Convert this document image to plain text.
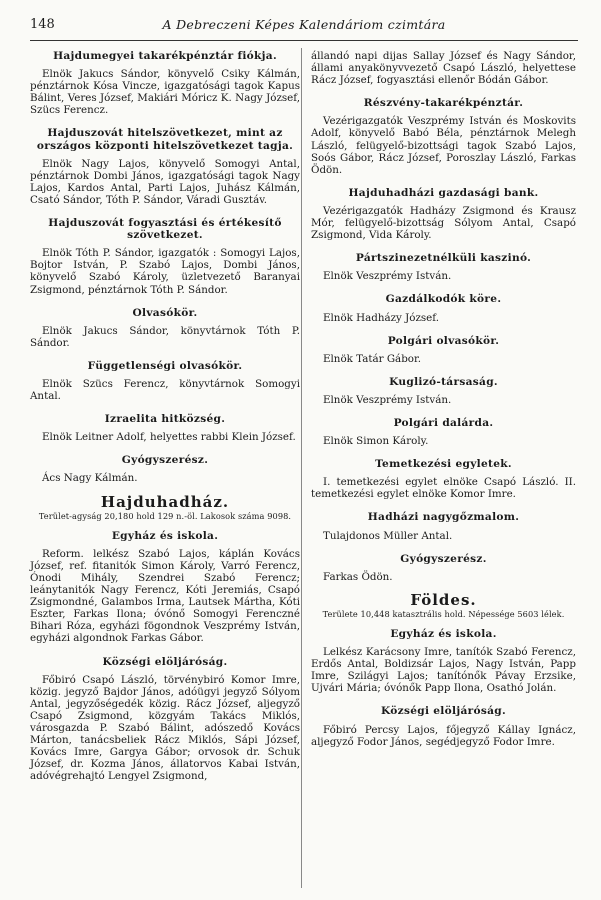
148	A Debreczeni Képes Kalendáriom czimtára
Hajdumegyei takarékpénztár fiókja.

Elnök Jakucs Sándor, könyvelő Csiky Kálmán, pénztárnok Kósa Vincze, igazgatósági tagok Kapus Bálint, Veres József, Makiári Móricz K. Nagy József, Szücs Ferencz.

Hajduszovát hitelszövetkezet, mint az országos központi hitelszövetkezet tagja.

Elnök Nagy Lajos, könyvelő Somogyi Antal, pénztárnok Dombi János, igazgatósági tagok Nagy Lajos, Kardos Antal, Parti Lajos, Juhász Kálmán, Csató Sándor, Tóth P. Sándor, Váradi Gusztáv.

Hajduszovát fogyasztási és értékesítő szövetkezet.

Elnök Tóth P. Sándor, igazgatók : Somogyi Lajos, Bojtor István, P. Szabó Lajos, Dombi János, könyvelő Szabó Károly, üzletvezető Baranyai Zsigmond, pénztárnok Tóth P. Sándor.

Olvasókör.

Elnök Jakucs Sándor, könyvtárnok Tóth P. Sándor.

Függetlenségi olvasókör.

Elnök Szücs Ferencz, könyvtárnok Somogyi Antal.

Izraelita hitközség.

Elnök Leitner Adolf, helyettes rabbi Klein József.

Gyógyszerész.

Ács Nagy Kálmán.

Hajduhadház.
Terület-agyság 20,180 hold 129 n.-öl. Lakosok száma 9098.
Egyház és iskola.

Reform. lelkész Szabó Lajos, káplán Kovács József, ref. fitanitók Simon Károly, Varró Ferencz, Ónodi Mihály, Szendrei Szabó Ferencz; leánytanitók Nagy Ferencz, Kóti Jeremiás, Csapó Zsigmondné, Galambos Irma, Lautsek Mártha, Kóti Eszter, Farkas Ilona; óvónő Somogyi Ferenczné Bihari Róza, egyházi fögondnok Veszprémy István, egyházi algondnok Farkas Gábor.

Községi elöljáróság.

Főbiró Csapó László, törvénybiró Komor Imre, közig. jegyző Bajdor János, adóügyi jegyző Sólyom Antal, jegyzőségedék közig. Rácz József, aljegyző Csapó Zsigmond, közgyám Takács Miklós, városgazda P. Szabó Bálint, adószedő Kovács Márton, tanácsbeliek Rácz Miklós, Sápi József, Kovács Imre, Gargya Gábor; orvosok dr. Schuk József, dr. Kozma János, állatorvos Kabai István, adóvégrehajtó Lengyel Zsigmond,

állandó napi dijas Sallay József és Nagy Sándor, állami anyakönyvvezető Csapó László, helyettese Rácz József, fogyasztási ellenőr Bódán Gábor.

Részvény-takarékpénztár.

Vezérigazgatók Veszprémy István és Moskovits Adolf, könyvelő Babó Béla, pénztárnok Melegh László, felügyelő-bizottsági tagok Szabó Lajos, Soós Gábor, Rácz József, Poroszlay László, Farkas Ödön.

Hajduhadházi gazdasági bank.

Vezérigazgatók Hadházy Zsigmond és Krausz Mór, felügyelő-bizottság Sólyom Antal, Csapó Zsigmond, Vida Károly.

Pártszinezetnélküli kaszinó.

Elnök Veszprémy István.

Gazdálkodók köre.

Elnök Hadházy József.

Polgári olvasókör.

Elnök Tatár Gábor.

Kuglizó-társaság.

Elnök Veszprémy István.

Polgári dalárda.

Elnök Simon Károly.

Temetkezési egyletek.

I. temetkezési egylet elnöke Csapó László. II. temetkezési egylet elnöke Komor Imre.

Hadházi nagygőzmalom.

Tulajdonos Müller Antal.

Gyógyszerész.

Farkas Ödön.

Földes.
Területe 10,448 katasztrális hold. Népessége 5603 lélek.
Egyház és iskola.

Lelkész Karácsony Imre, tanítók Szabó Ferencz, Erdős Antal, Boldizsár Lajos, Nagy István, Papp Imre, Szilágyi Lajos; tanítónők Pávay Erzsike, Ujvári Mária; óvónők Papp Ilona, Osathó Jolán.

Községi elöljáróság.

Főbiró Percsy Lajos, főjegyző Kállay Ignácz, aljegyző Fodor János, segédjegyző Fodor Imre.
